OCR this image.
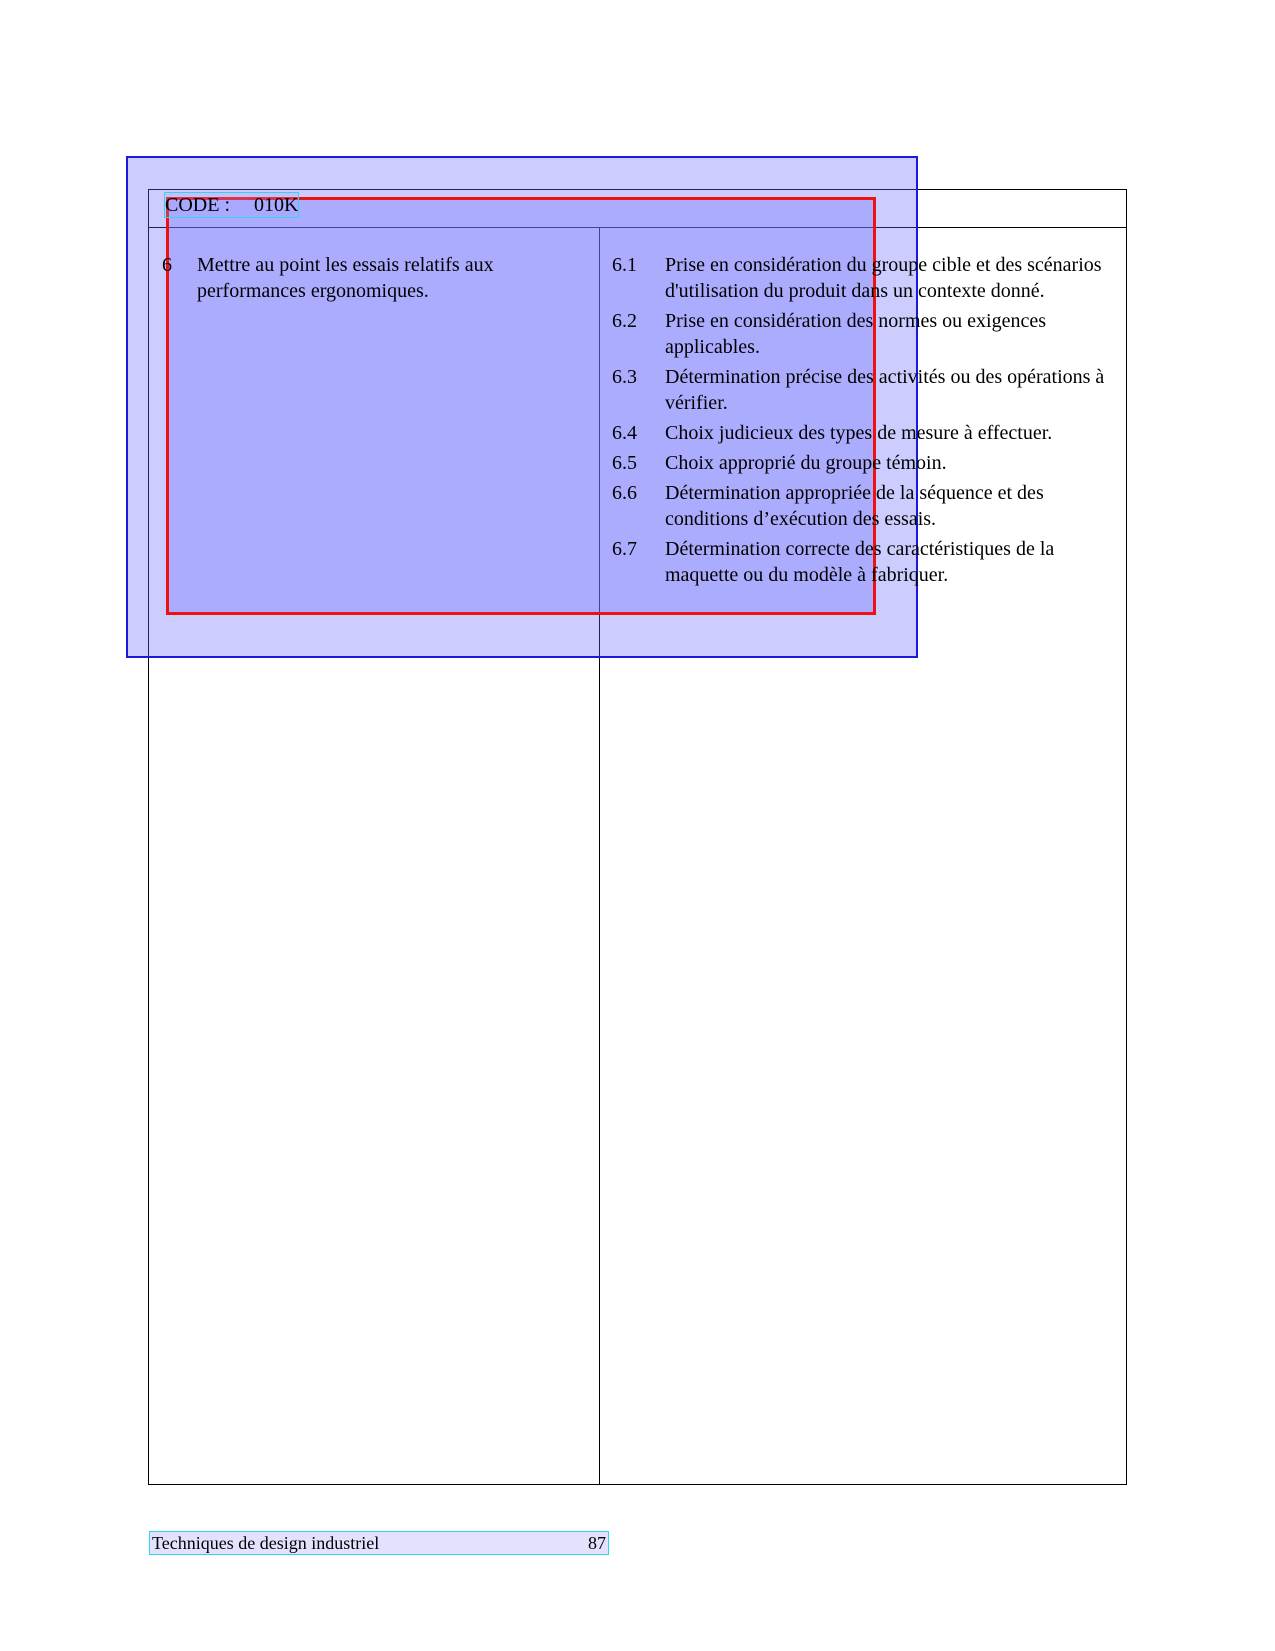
CODE : 010K
6 Mettre au point les essais relatifs aux performances ergonomiques.
6.1 Prise en considération du groupe cible et des scénarios d'utilisation du produit dans un contexte donné.
6.2 Prise en considération des normes ou exigences applicables.
6.3 Détermination précise des activités ou des opérations à vérifier.
6.4 Choix judicieux des types de mesure à effectuer.
6.5 Choix approprié du groupe témoin.
6.6 Détermination appropriée de la séquence et des conditions d’exécution des essais.
6.7 Détermination correcte des caractéristiques de la maquette ou du modèle à fabriquer.
Techniques de design industriel	87
